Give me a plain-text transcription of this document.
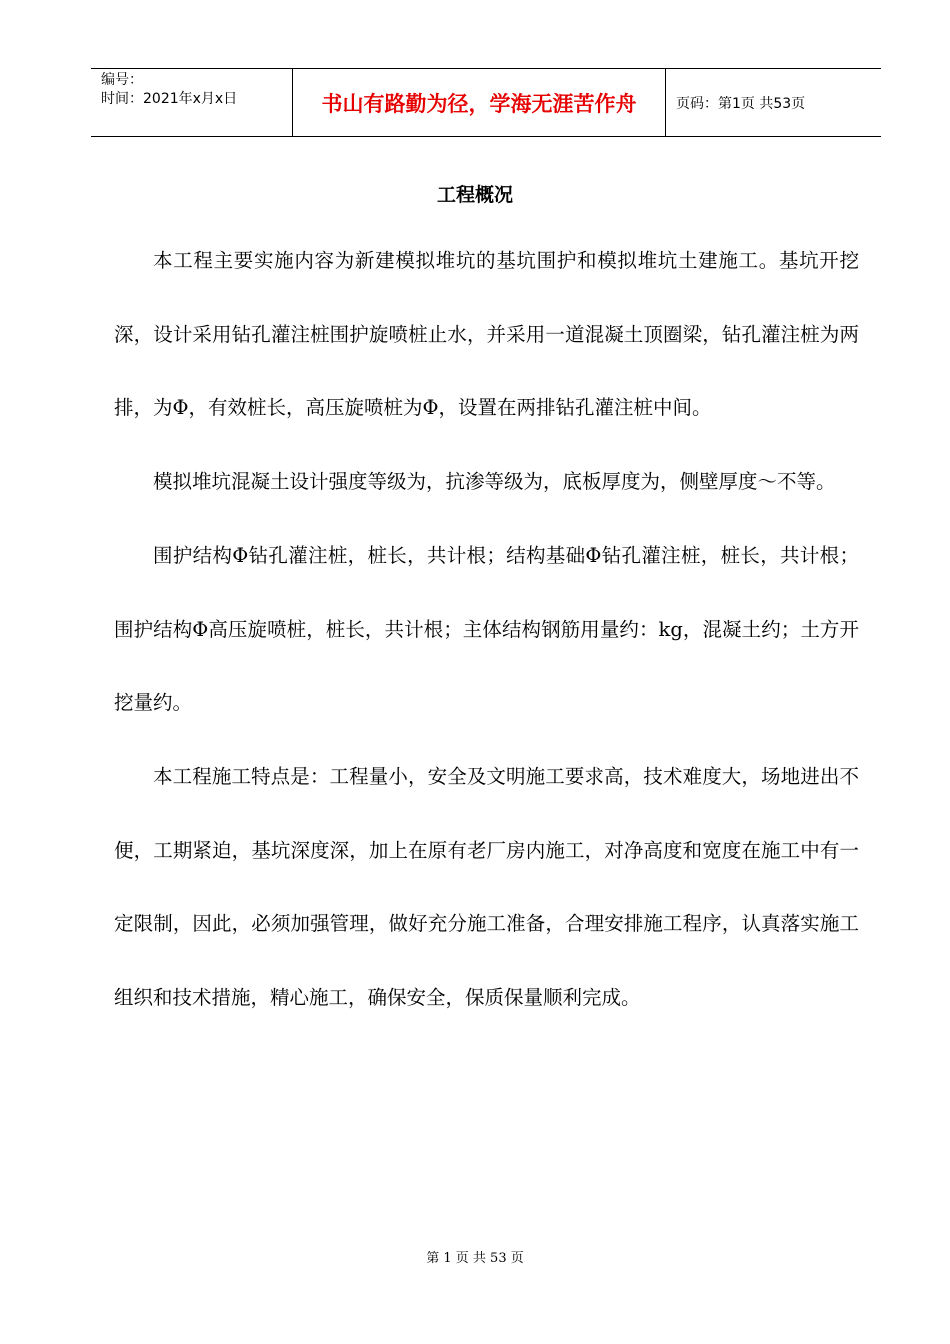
编号：
时间：2021年x月x日	书山有路勤为径，学海无涯苦作舟	页码：第1页 共53页
工程概况

本工程主要实施内容为新建模拟堆坑的基坑围护和模拟堆坑土建施工。基坑开挖深，设计采用钻孔灌注桩围护旋喷桩止水，并采用一道混凝土顶圈梁，钻孔灌注桩为两排，为Φ，有效桩长，高压旋喷桩为Φ，设置在两排钻孔灌注桩中间。

模拟堆坑混凝土设计强度等级为，抗渗等级为，底板厚度为，侧壁厚度～不等。

围护结构Φ钻孔灌注桩，桩长，共计根；结构基础Φ钻孔灌注桩，桩长，共计根；围护结构Φ高压旋喷桩，桩长，共计根；主体结构钢筋用量约：kg，混凝土约；土方开挖量约。

本工程施工特点是：工程量小，安全及文明施工要求高，技术难度大，场地进出不便，工期紧迫，基坑深度深，加上在原有老厂房内施工，对净高度和宽度在施工中有一定限制，因此，必须加强管理，做好充分施工准备，合理安排施工程序，认真落实施工组织和技术措施，精心施工，确保安全，保质保量顺利完成。

第 1 页 共 53 页
